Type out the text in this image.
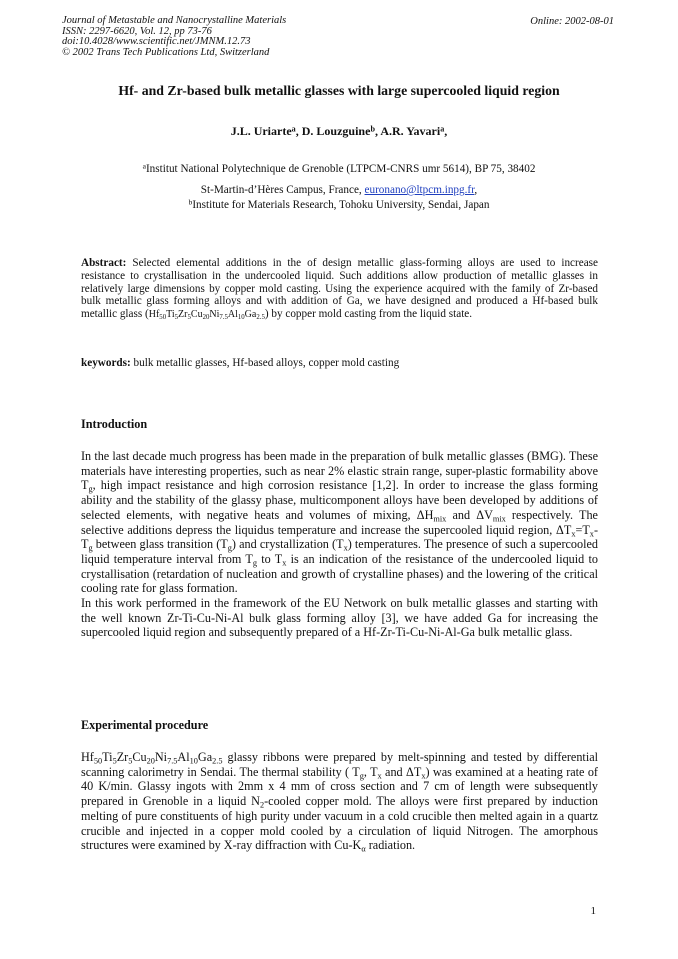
Journal of Metastable and Nanocrystalline Materials
ISSN: 2297-6620, Vol. 12, pp 73-76
doi:10.4028/www.scientific.net/JMNM.12.73
© 2002 Trans Tech Publications Ltd, Switzerland
Online: 2002-08-01
Hf- and Zr-based bulk metallic glasses with large supercooled liquid region
J.L. Uriarte$^a$, D. Louzguine$^b$, A.R. Yavari$^a$,
$^a$Institut National Polytechnique de Grenoble (LTPCM-CNRS umr 5614), BP 75, 38402
St-Martin-d’Hères Campus, France, euronano@ltpcm.inpg.fr,
$^b$Institute for Materials Research, Tohoku University, Sendai, Japan
Abstract: Selected elemental additions in the of design metallic glass-forming alloys are used to increase resistance to crystallisation in the undercooled liquid. Such additions allow production of metallic glasses in relatively large dimensions by copper mold casting. Using the experience acquired with the family of Zr-based bulk metallic glass forming alloys and with addition of Ga, we have designed and produced a Hf-based bulk metallic glass $(Hf_{50}Ti_5Zr_5Cu_{20}Ni_{7.5}Al_{10}Ga_{2.5})$ by copper mold casting from the liquid state.
keywords: bulk metallic glasses, Hf-based alloys, copper mold casting
Introduction

In the last decade much progress has been made in the preparation of bulk metallic glasses (BMG). These materials have interesting properties, such as near 2% elastic strain range, super-plastic formability above $T_g$, high impact resistance and high corrosion resistance [1,2]. In order to increase the glass forming ability and the stability of the glassy phase, multicomponent alloys have been developed by additions of selected elements, with negative heats and volumes of mixing, $\Delta H_{mix}$ and $\Delta V_{mix}$ respectively. The selective additions depress the liquidus temperature and increase the supercooled liquid region, $\Delta T_x=T_x-T_g$ between glass transition $(T_g)$ and crystallization $(T_x)$ temperatures. The presence of such a supercooled liquid temperature interval from $T_g$ to $T_x$ is an indication of the resistance of the undercooled liquid to crystallisation (retardation of nucleation and growth of crystalline phases) and the lowering of the critical cooling rate for glass formation.

In this work performed in the framework of the EU Network on bulk metallic glasses and starting with the well known Zr-Ti-Cu-Ni-Al bulk glass forming alloy [3], we have added Ga for increasing the supercooled liquid region and subsequently prepared of a Hf-Zr-Ti-Cu-Ni-Al-Ga bulk metallic glass.

Experimental procedure

$Hf_{50}Ti_5Zr_5Cu_{20}Ni_{7.5}Al_{10}Ga_{2.5}$ glassy ribbons were prepared by melt-spinning and tested by differential scanning calorimetry in Sendai. The thermal stability ( $T_g$, $T_x$ and $\Delta T_x$) was examined at a heating rate of 40 K/min. Glassy ingots with 2mm x 4 mm of cross section and 7 cm of length were subsequently prepared in Grenoble in a liquid $N_2$-cooled copper mold. The alloys were first prepared by induction melting of pure constituents of high purity under vacuum in a cold crucible then melted again in a quartz crucible and injected in a copper mold cooled by a circulation of liquid Nitrogen. The amorphous structures were examined by X-ray diffraction with $Cu-K_\alpha$ radiation.

1
